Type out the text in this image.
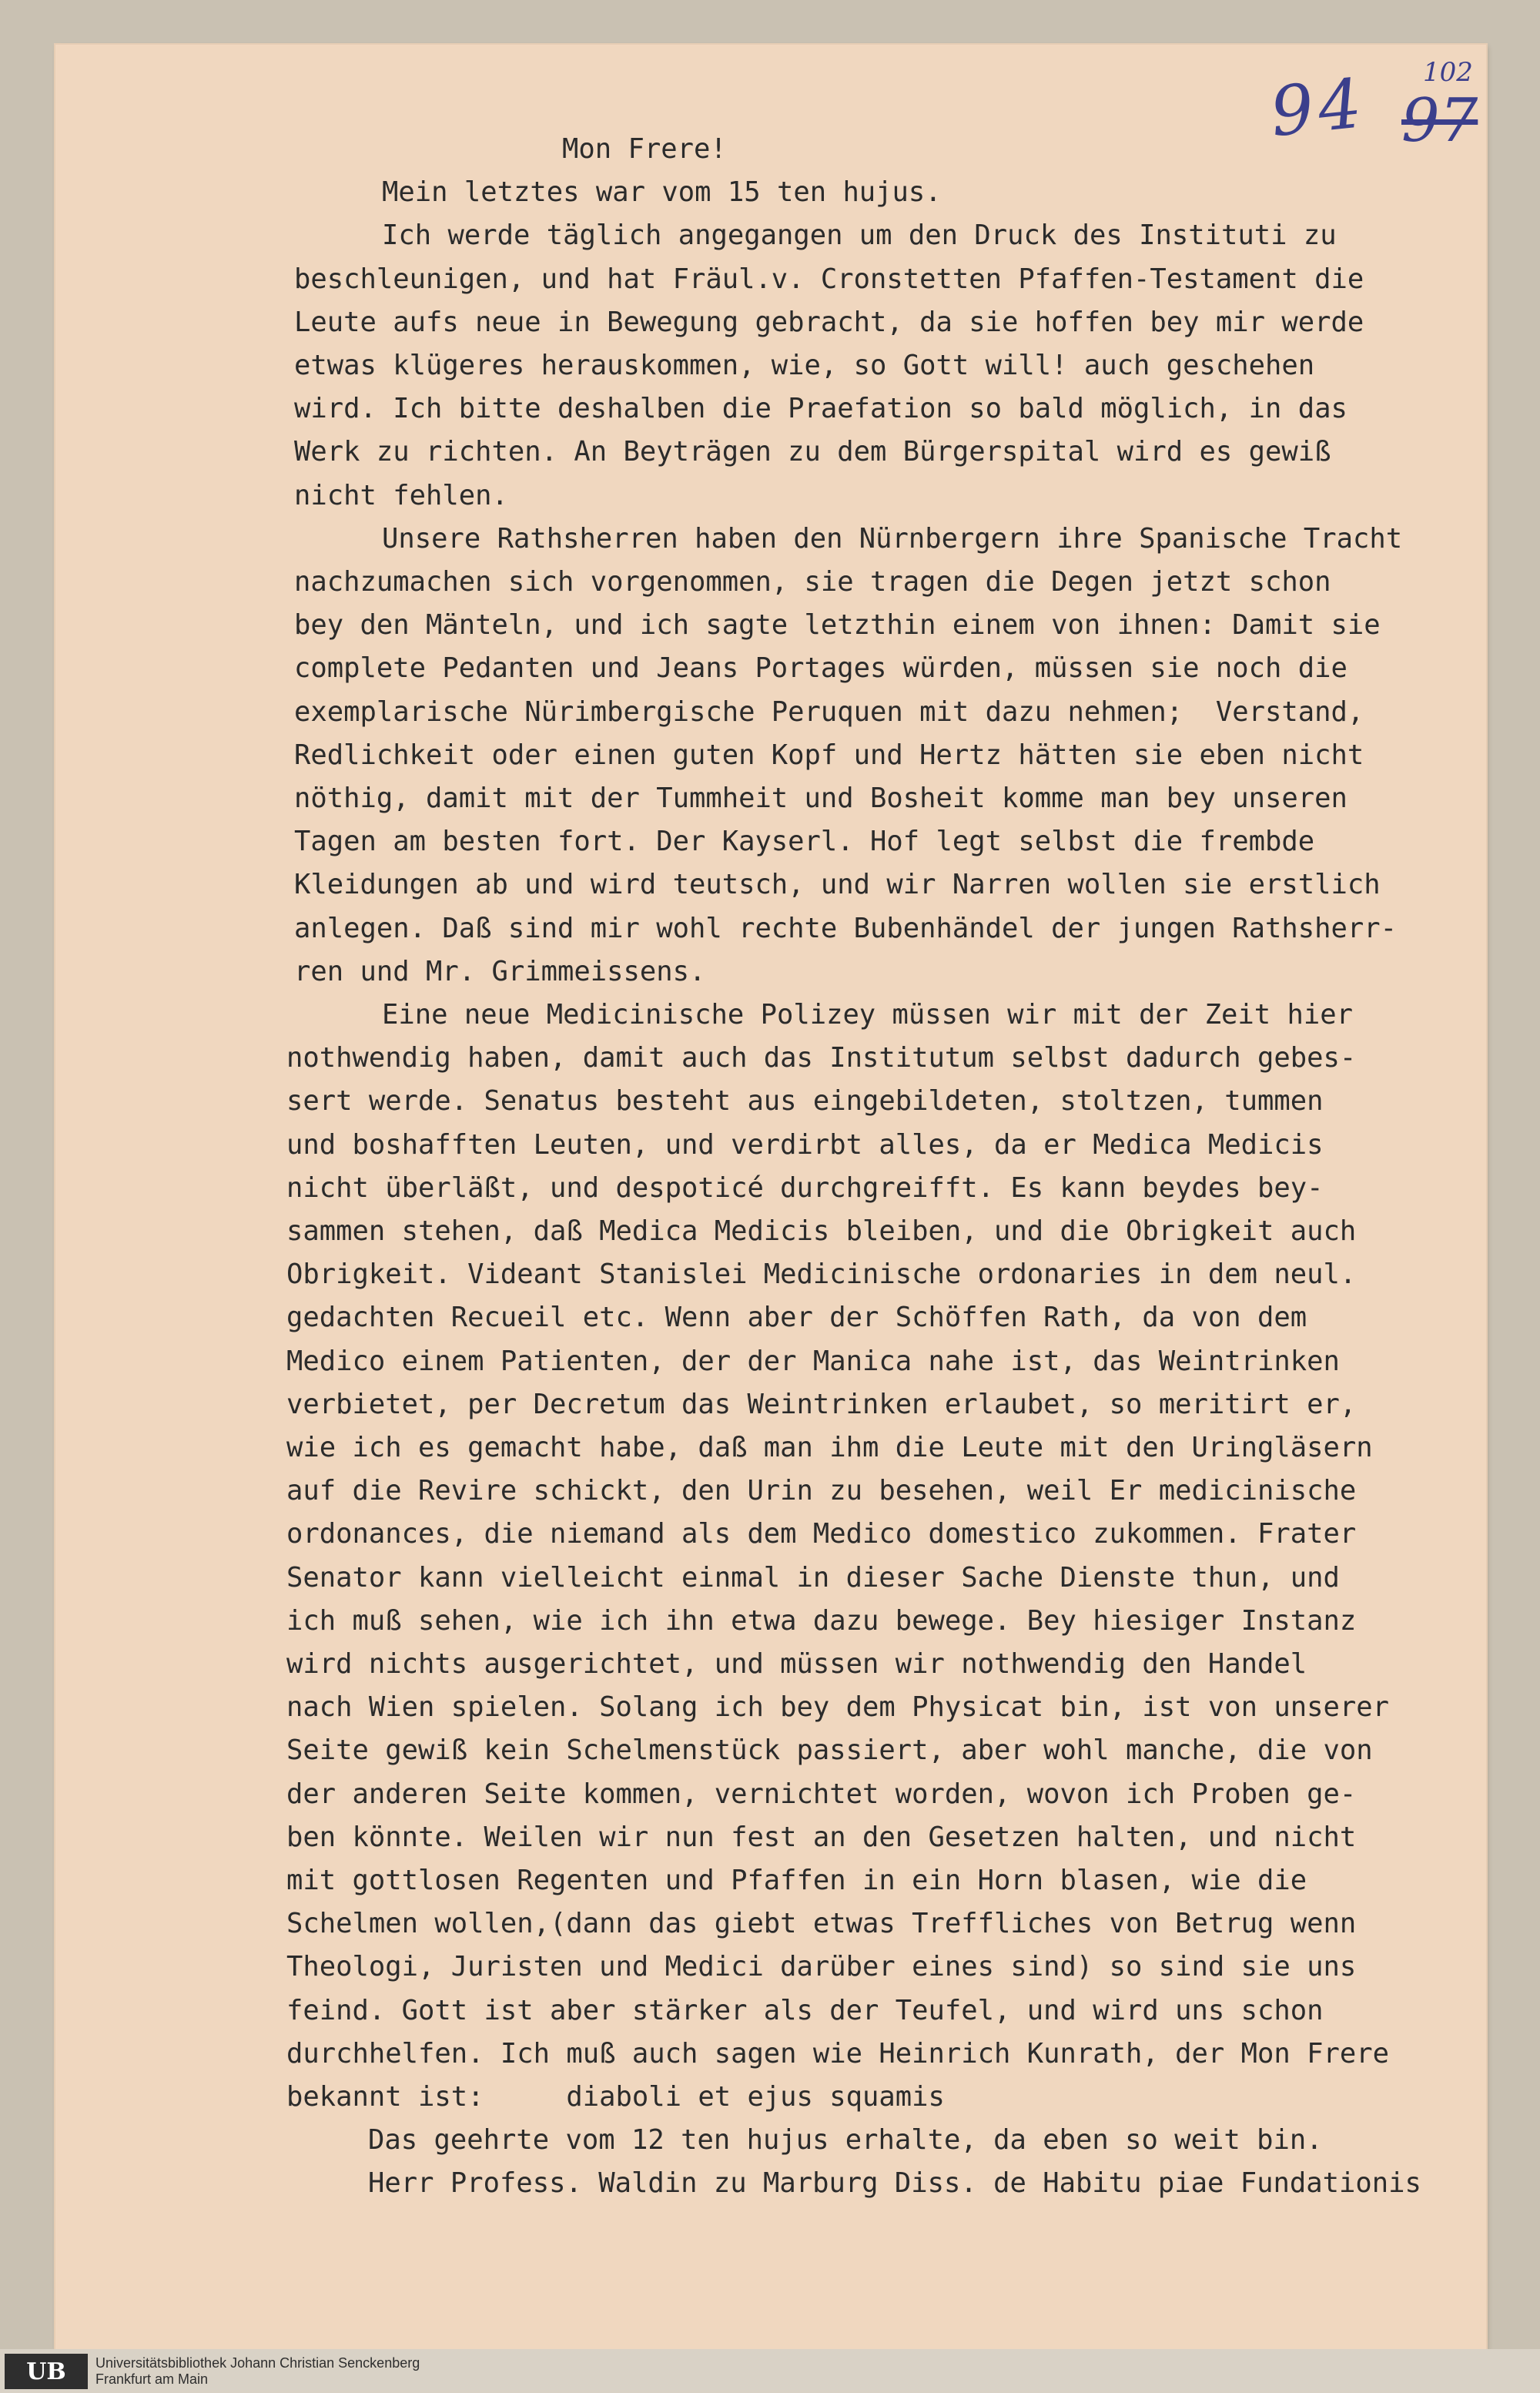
94 97
102
Mon Frere!
Mein letztes war vom 15 ten hujus.
Ich werde täglich angegangen um den Druck des Instituti zu
beschleunigen, und hat Fräul.v. Cronstetten Pfaffen-Testament die
Leute aufs neue in Bewegung gebracht, da sie hoffen bey mir werde
etwas klügeres herauskommen, wie, so Gott will! auch geschehen
wird. Ich bitte deshalben die Praefation so bald möglich, in das
Werk zu richten. An Beyträgen zu dem Bürgerspital wird es gewiß
nicht fehlen.
Unsere Rathsherren haben den Nürnbergern ihre Spanische Tracht
nachzumachen sich vorgenommen, sie tragen die Degen jetzt schon
bey den Mänteln, und ich sagte letzthin einem von ihnen: Damit sie
complete Pedanten und Jeans Portages würden, müssen sie noch die
exemplarische Nürimbergische Peruquen mit dazu nehmen;  Verstand,
Redlichkeit oder einen guten Kopf und Hertz hätten sie eben nicht
nöthig, damit mit der Tummheit und Bosheit komme man bey unseren
Tagen am besten fort. Der Kayserl. Hof legt selbst die frembde
Kleidungen ab und wird teutsch, und wir Narren wollen sie erstlich
anlegen. Daß sind mir wohl rechte Bubenhändel der jungen Rathsherr-
ren und Mr. Grimmeissens.
Eine neue Medicinische Polizey müssen wir mit der Zeit hier
nothwendig haben, damit auch das Institutum selbst dadurch gebes-
sert werde. Senatus besteht aus eingebildeten, stoltzen, tummen
und boshafften Leuten, und verdirbt alles, da er Medica Medicis
nicht überläßt, und despoticé durchgreifft. Es kann beydes bey-
sammen stehen, daß Medica Medicis bleiben, und die Obrigkeit auch
Obrigkeit. Videant Stanislei Medicinische ordonaries in dem neul.
gedachten Recueil etc. Wenn aber der Schöffen Rath, da von dem
Medico einem Patienten, der der Manica nahe ist, das Weintrinken
verbietet, per Decretum das Weintrinken erlaubet, so meritirt er,
wie ich es gemacht habe, daß man ihm die Leute mit den Uringläsern
auf die Revire schickt, den Urin zu besehen, weil Er medicinische
ordonances, die niemand als dem Medico domestico zukommen. Frater
Senator kann vielleicht einmal in dieser Sache Dienste thun, und
ich muß sehen, wie ich ihn etwa dazu bewege. Bey hiesiger Instanz
wird nichts ausgerichtet, und müssen wir nothwendig den Handel
nach Wien spielen. Solang ich bey dem Physicat bin, ist von unserer
Seite gewiß kein Schelmenstück passiert, aber wohl manche, die von
der anderen Seite kommen, vernichtet worden, wovon ich Proben ge-
ben könnte. Weilen wir nun fest an den Gesetzen halten, und nicht
mit gottlosen Regenten und Pfaffen in ein Horn blasen, wie die
Schelmen wollen,(dann das giebt etwas Treffliches von Betrug wenn
Theologi, Juristen und Medici darüber eines sind) so sind sie uns
feind. Gott ist aber stärker als der Teufel, und wird uns schon
durchhelfen. Ich muß auch sagen wie Heinrich Kunrath, der Mon Frere
bekannt ist:     diaboli et ejus squamis
Das geehrte vom 12 ten hujus erhalte, da eben so weit bin.
Herr Profess. Waldin zu Marburg Diss. de Habitu piae Fundationis
UB	Universitätsbibliothek Johann Christian Senckenberg
Frankfurt am Main
